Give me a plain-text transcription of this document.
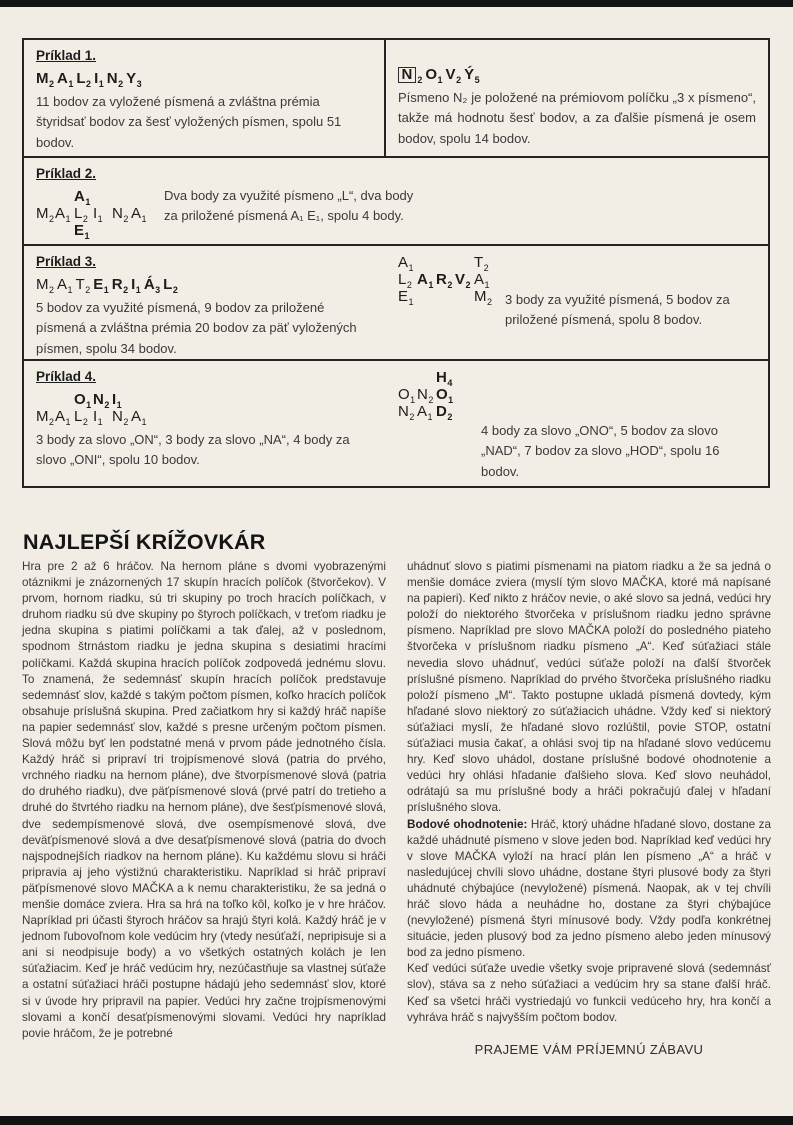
Príklad 1.
$M_2$ $A_1$ $L_2$ $I_1$ $N_2$ $Y_3$

11 bodov za vyložené písmená a zvláštna prémia štyridsať bodov za šesť vyložených písmen, spolu 51 bodov.

N $_2$ $O_1$ $V_2$ $Ý_5$

Písmeno N₂ je položené na prémiovom políčku „3 x písmeno“, takže má hodnotu šesť bodov, a za ďalšie písmená je osem bodov, spolu 14 bodov.

Príklad 2.
$A_1$
$M_2A_1$ $L_2$ $I_1$ $N_2$ $A_1$
$E_1$

Dva body za využité písmeno „L“, dva body za priložené písmená A₁ E₁, spolu 4 body.

Príklad 3.
$M_2$ $A_1$ $T_2$ $E_1$ $R_2$ $I_1$ $Á_3$ $L_2$

5 bodov za využité písmená, 9 bodov za priložené písmená a zvláštna prémia 20 bodov za päť vyložených písmen, spolu 34 bodov.

$A_1$	$T_2$
$L_2$ $A_1$ $R_2$ $V_2$ $A_1$
$E_1$	$M_2$ 3 body za využité písmená, 5 bodov za priložené písmená, spolu 8 bodov.

Príklad 4.
$O_1$ $N_2$ $I_1$
$M_2A_1$ $L_2$ $I_1$ $N_2$ $A_1$

3 body za slovo „ON“, 3 body za slovo „NA“, 4 body za slovo „ONI“, spolu 10 bodov.

$H_4$
$O_1$ $N_2$ $O_1$
$N_2$ $A_1$ $D_2$

4 body za slovo „ONO“, 5 bodov za slovo „NAD“, 7 bodov za slovo „HOD“, spolu 16 bodov.

NAJLEPŠÍ KRÍŽOVKÁR

Hra pre 2 až 6 hráčov. Na hernom pláne s dvomi vyobrazenými otáznikmi je znázornených 17 skupín hracích políčok (štvorčekov). V prvom, hornom riadku, sú tri skupiny po troch hracích políčkach, v druhom riadku sú dve skupiny po štyroch políčkach, v treťom riadku je jedna skupina s piatimi políčkami a tak ďalej, až v poslednom, spodnom štrnástom riadku je jedna skupina s desiatimi hracími políčkami. Každá skupina hracích políčok zodpovedá jednému slovu. To znamená, že sedemnásť skupín hracích políčok predstavuje sedemnásť slov, každé s takým počtom písmen, koľko hracích políčok obsahuje príslušná skupina. Pred začiatkom hry si každý hráč napíše na papier sedemnásť slov, každé s presne určeným počtom písmen. Slová môžu byť len podstatné mená v prvom páde jednotného čísla. Každý hráč si pripraví tri trojpísmenové slová (patria do prvého, vrchného riadku na hernom pláne), dve štvorpísmenové slová (patria do druhého riadku), dve päťpísmenové slová (prvé patrí do tretieho a druhé do štvrtého riadku na hernom pláne), dve šesťpísmenové slová, dve sedempísmenové slová, dve osempísmenové slová, dve deväťpísmenové slová a dve desaťpísmenové slová (patria do dvoch najspodnejších riadkov na hernom pláne). Ku každému slovu si hráči pripravia aj jeho výstižnú charakteristiku. Napríklad si hráč pripraví päťpísmenové slovo MAČKA a k nemu charakteristiku, že sa jedná o menšie domáce zviera. Hra sa hrá na toľko kôl, koľko je v hre hráčov. Napríklad pri účasti štyroch hráčov sa hrajú štyri kolá. Každý hráč je v jednom ľubovoľnom kole vedúcim hry (vtedy nesúťaží, nepripisuje si a ani si neodpisuje body) a vo všetkých ostatných kolách je len súťažiacim. Keď je hráč vedúcim hry, nezúčastňuje sa vlastnej súťaže a ostatní súťažiaci hráči postupne hádajú jeho sedemnásť slov, ktoré si v úvode hry pripravil na papier. Vedúci hry začne trojpísmenovými slovami a končí desaťpísmenovými slovami. Vedúci hry napríklad povie hráčom, že je potrebné

uhádnuť slovo s piatimi písmenami na piatom riadku a že sa jedná o menšie domáce zviera (myslí tým slovo MAČKA, ktoré má napísané na papieri). Keď nikto z hráčov nevie, o aké slovo sa jedná, vedúci hry položí do niektorého štvorčeka v príslušnom riadku jedno správne písmeno. Napríklad pre slovo MAČKA položí do posledného piateho štvorčeka v príslušnom riadku písmeno „A“. Keď súťažiaci stále nevedia slovo uhádnuť, vedúci súťaže položí na ďalší štvorček príslušné písmeno. Napríklad do prvého štvorčeka príslušného riadku položí písmeno „M“. Takto postupne ukladá písmená dovtedy, kým hľadané slovo niektorý zo súťažiacich uhádne. Vždy keď si niektorý súťažiaci myslí, že hľadané slovo rozlúštil, povie STOP, ostatní súťažiaci musia čakať, a ohlási svoj tip na hľadané slovo vedúcemu hry. Keď slovo uhádol, dostane príslušné bodové ohodnotenie a vedúci hry ohlási hľadanie ďalšieho slova. Keď slovo neuhádol, odrátajú sa mu príslušné body a hráči pokračujú ďalej v hľadaní príslušného slova.

Bodové ohodnotenie: Hráč, ktorý uhádne hľadané slovo, dostane za každé uhádnuté písmeno v slove jeden bod. Napríklad keď vedúci hry v slove MAČKA vyloží na hrací plán len písmeno „A“ a hráč v nasledujúcej chvíli slovo uhádne, dostane štyri plusové body za štyri uhádnuté chýbajúce (nevyložené) písmená. Naopak, ak v tej chvíli hráč slovo háda a neuhádne ho, dostane za štyri chýbajúce (nevyložené) písmená štyri mínusové body. Vždy podľa konkrétnej situácie, jeden plusový bod za jedno písmeno alebo jeden mínusový bod za jedno písmeno.

Keď vedúci súťaže uvedie všetky svoje pripravené slová (sedemnásť slov), stáva sa z neho súťažiaci a vedúcim hry sa stane ďalší hráč. Keď sa všetci hráči vystriedajú vo funkcii vedúceho hry, hra končí a vyhráva hráč s najvyšším počtom bodov.

PRAJEME VÁM PRÍJEMNÚ ZÁBAVU
